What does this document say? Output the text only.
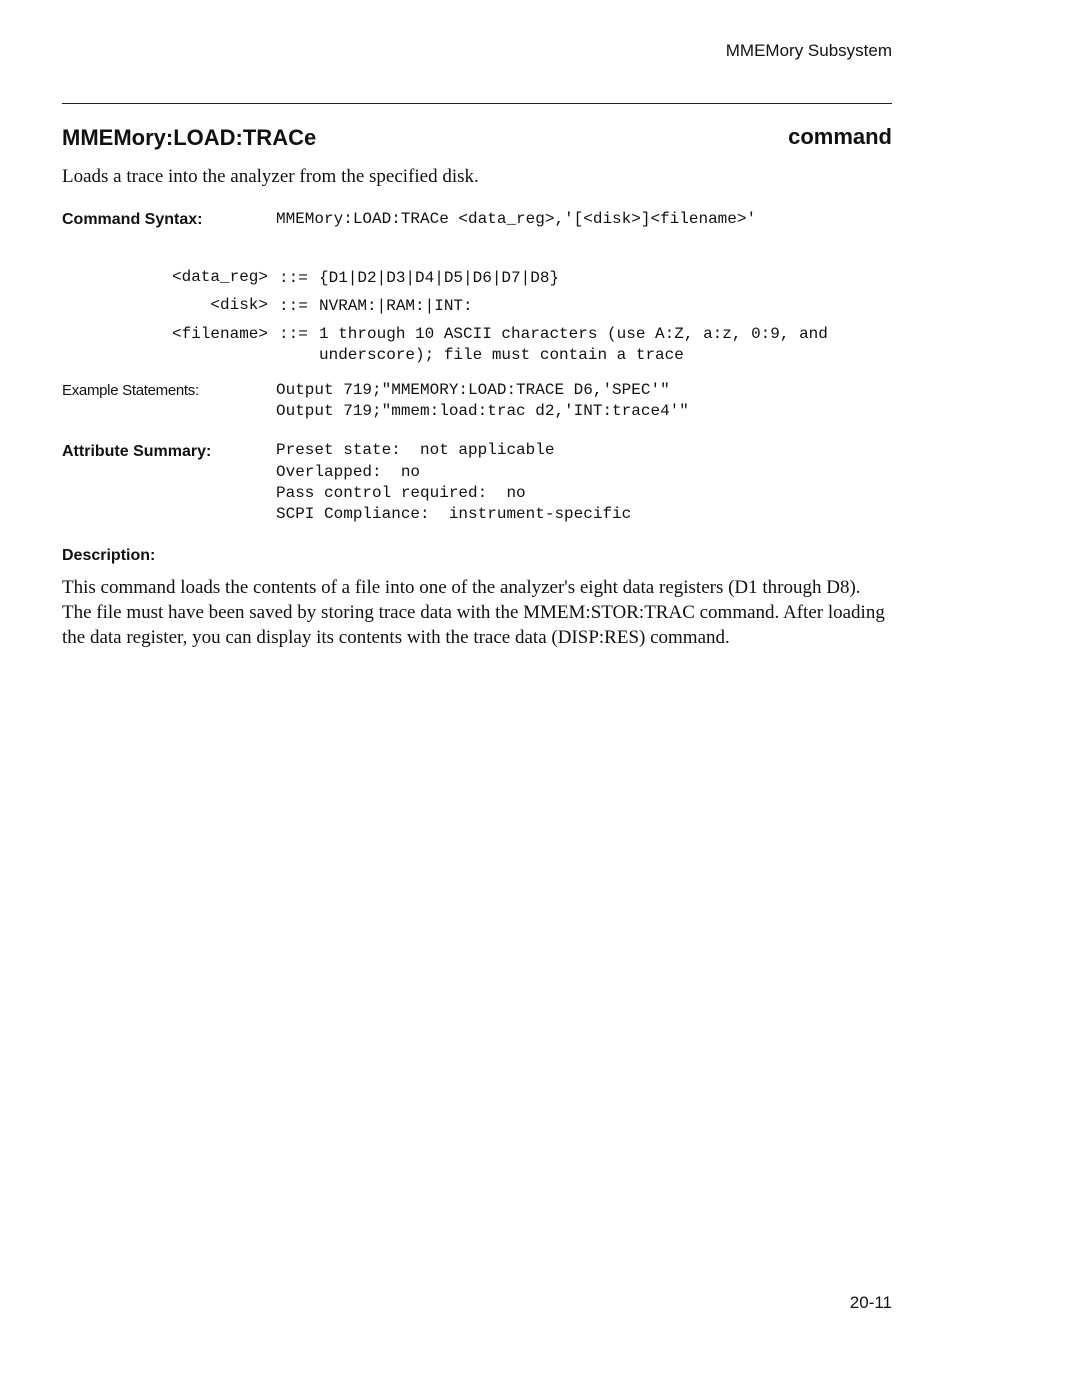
MMEMory Subsystem
MMEMory:LOAD:TRACe	command
Loads a trace into the analyzer from the specified disk.
Command Syntax:	MMEMory:LOAD:TRACe <data_reg>,'[<disk>]<filename>'
<data_reg> ::= {D1|D2|D3|D4|D5|D6|D7|D8}
<disk> ::= NVRAM:|RAM:|INT:
<filename> ::= 1 through 10 ASCII characters (use A:Z, a:z, 0:9, and
underscore); file must contain a trace
Example Statements:	Output 719;"MMEMORY:LOAD:TRACE D6,'SPEC'"
Output 719;"mmem:load:trac d2,'INT:trace4'"
Attribute Summary:	Preset state:  not applicable
Overlapped:  no
Pass control required:  no
SCPI Compliance:  instrument-specific
Description:
This command loads the contents of a file into one of the analyzer's eight data registers (D1 through D8). The file must have been saved by storing trace data with the MMEM:STOR:TRAC command. After loading the data register, you can display its contents with the trace data (DISP:RES) command.
20-11
